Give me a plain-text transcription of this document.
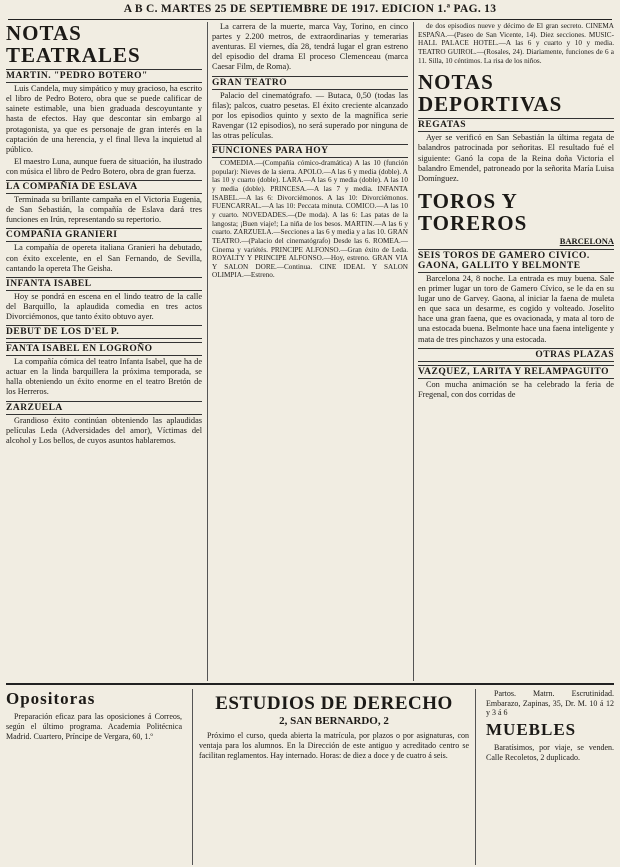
A B C. MARTES 25 DE SEPTIEMBRE DE 1917. EDICION 1.ª PAG. 13
NOTAS TEATRALES
MARTIN. "PEDRO BOTERO"

Luis Candela, muy simpático y muy gracioso, ha escrito el libro de Pedro Botero, obra que se puede calificar de sainete estimable, una bien graduada descoyuntante y hasta de efectos. Hay que descontar sin embargo al protagonista, ya que es personaje de gran interés en la captación de una herencia, y el final lleva la inquietud al público.

El maestro Luna, aunque fuera de situación, ha ilustrado con música el libro de Pedro Botero, obra de gran fuerza.

LA COMPAÑIA DE ESLAVA

Terminada su brillante campaña en el Victoria Eugenia, de San Sebastián, la compañía de Eslava dará tres funciones en Irún, representando su repertorio.

COMPAÑIA GRANIERI

La compañía de opereta italiana Granieri ha debutado, con éxito excelente, en el San Fernando, de Sevilla, cantando la opereta The Geisha.

INFANTA ISABEL

Hoy se pondrá en escena en el lindo teatro de la calle del Barquillo, la aplaudida comedia en tres actos Divorciémonos, que tanto éxito obtuvo ayer.

DEBUT DE LOS D'EL P.
FANTA ISABEL EN LOGROÑO

La compañía cómica del teatro Infanta Isabel, que ha de actuar en la linda barquillera la próxima temporada, se halla obteniendo un éxito enorme en el teatro Bretón de los Herreros.

ZARZUELA

Grandioso éxito continúan obteniendo las aplaudidas películas Leda (Adversidades del amor), Víctimas del alcohol y Los bellos, de cuyos asuntos hablaremos.

La carrera de la muerte, marca Vay, Torino, en cinco partes y 2.200 metros, de extraordinarias y temerarias aventuras. El viernes, día 28, tendrá lugar el gran estreno del episodio del drama El proceso Clemenceau (marca Caesar Film, de Roma).

GRAN TEATRO

Palacio del cinematógrafo. — Butaca, 0,50 (todas las filas); palcos, cuatro pesetas. El éxito creciente alcanzado por los episodios quinto y sexto de la magnífica serie Ravengar (12 episodios), no será superado por ninguna de las otras películas.

FUNCIONES PARA HOY

COMEDIA.—(Compañía cómico-dramática) A las 10 (función popular): Nieves de la sierra. APOLO.—A las 6 y media (doble). A las 10 y cuarto (doble). LARA.—A las 6 y media (doble). A las 10 y media (doble). PRINCESA.—A las 7 y media. INFANTA ISABEL.—A las 6: Divorciémonos. A las 10: Divorciémonos. FUENCARRAL.—A las 10: Peccata minuta. COMICO.—A las 10 y cuarto. NOVEDADES.—(De moda). A las 6: Las patas de la langosta; ¡Buen viaje!; La niña de los besos. MARTIN.—A las 6 y cuarto. ZARZUELA.—Secciones a las 6 y media y a las 10. GRAN TEATRO.—(Palacio del cinematógrafo) Desde las 6. ROMEA.—Cinema y variétés. PRINCIPE ALFONSO.—Gran éxito de Leda. ROYALTY Y PRINCIPE ALFONSO.—Hoy, estreno. GRAN VIA Y SALON DORE.—Continua. CINE IDEAL Y SALON OLIMPIA.—Estreno.

de dos episodios nueve y décimo de El gran secreto. CINEMA ESPAÑA.—(Paseo de San Vicente, 14). Diez secciones. MUSIC-HALL PALACE HOTEL.—A las 6 y cuarto y 10 y media. TEATRO GUIROL.—(Rosales, 24). Diariamente, funciones de 6 a 11. Silla, 10 céntimos. La risa de los niños.

NOTAS DEPORTIVAS
REGATAS

Ayer se verificó en San Sebastián la última regata de balandros patrocinada por señoritas. El resultado fué el siguiente: Ganó la copa de la Reina doña Victoria el balandro Emendel, patroneado por la señorita María Luisa Domínguez.

TOROS Y TOREROS
BARCELONA
SEIS TOROS DE GAMERO CIVICO. GAONA, GALLITO Y BELMONTE

Barcelona 24, 8 noche. La entrada es muy buena. Sale en primer lugar un toro de Gamero Cívico, se le da en su lugar uno de Garvey. Gaona, al iniciar la faena de muleta en que saca un desarme, es cogido y volteado. Joselito hace una gran faena, que es ovacionada, y mata al toro de una estocada buena. Belmonte hace una faena inteligente y mata de tres pinchazos y una estocada.

OTRAS PLAZAS
VAZQUEZ, LARITA Y RELAMPAGUITO

Con mucha animación se ha celebrado la feria de Fregenal, con dos corridas de

Opositoras

Preparación eficaz para las oposiciones á Correos, según el último programa. Academia Politécnica Madrid. Cuartero, Príncipe de Vergara, 60, 1.º

ESTUDIOS DE DERECHO
2, SAN BERNARDO, 2

Próximo el curso, queda abierta la matrícula, por plazos o por asignaturas, con ventaja para los alumnos. En la Dirección de este antiguo y acreditado centro se facilitan reglamentos. Hay internado. Horas: de diez a doce y de cuatro á seis.

Partos. Matrn. Escrutinidad. Embarazo, Zapinas, 35, Dr. M. 10 á 12 y 3 á 6

MUEBLES

Baratísimos, por viaje, se venden. Calle Recoletos, 2 duplicado.
